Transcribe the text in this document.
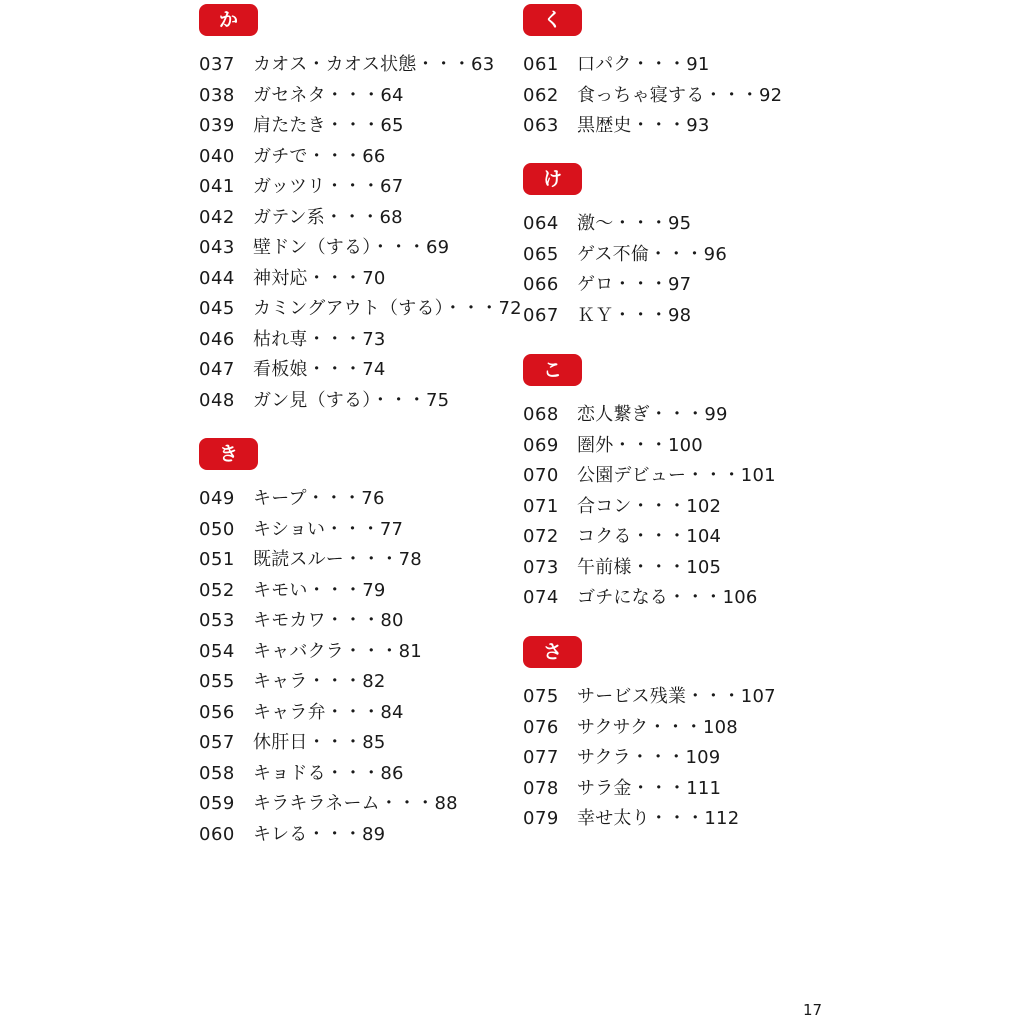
か
037 カオス・カオス状態・・・63
038 ガセネタ・・・64
039 肩たたき・・・65
040 ガチで・・・66
041 ガッツリ・・・67
042 ガテン系・・・68
043 壁ドン（する）・・・69
044 神対応・・・70
045 カミングアウト（する）・・・72
046 枯れ専・・・73
047 看板娘・・・74
048 ガン見（する）・・・75
き
049 キープ・・・76
050 キショい・・・77
051 既読スルー・・・78
052 キモい・・・79
053 キモカワ・・・80
054 キャバクラ・・・81
055 キャラ・・・82
056 キャラ弁・・・84
057 休肝日・・・85
058 キョドる・・・86
059 キラキラネーム・・・88
060 キレる・・・89
く
061 口パク・・・91
062 食っちゃ寝する・・・92
063 黒歴史・・・93
け
064 激〜・・・95
065 ゲス不倫・・・96
066 ゲロ・・・97
067 ＫＹ・・・98
こ
068 恋人繋ぎ・・・99
069 圏外・・・100
070 公園デビュー・・・101
071 合コン・・・102
072 コクる・・・104
073 午前様・・・105
074 ゴチになる・・・106
さ
075 サービス残業・・・107
076 サクサク・・・108
077 サクラ・・・109
078 サラ金・・・111
079 幸せ太り・・・112
17
